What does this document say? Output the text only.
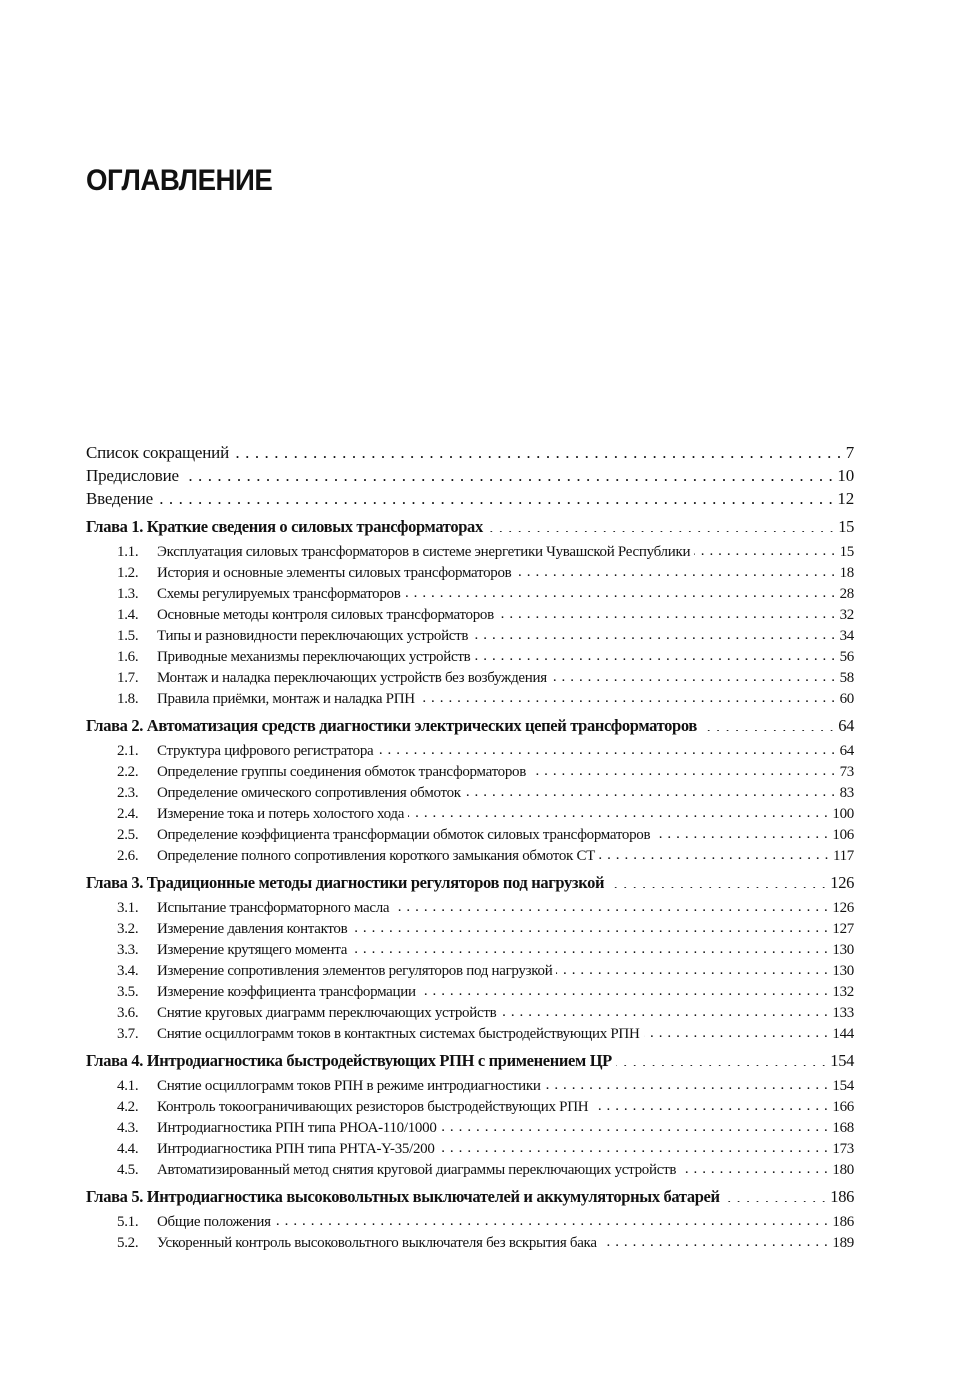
ОГЛАВЛЕНИЕ
Список сокращений . . .	7
Предисловие . . .	10
Введение . . .	12
Глава 1. Краткие сведения о силовых трансформаторах . . .	15
1.1.	Эксплуатация силовых трансформаторов в системе энергетики Чувашской Республики . . .	15
1.2.	История и основные элементы силовых трансформаторов . . .	18
1.3.	Схемы регулируемых трансформаторов . . .	28
1.4.	Основные методы контроля силовых трансформаторов . . .	32
1.5.	Типы и разновидности переключающих устройств . . .	34
1.6.	Приводные механизмы переключающих устройств . . .	56
1.7.	Монтаж и наладка переключающих устройств без возбуждения . . .	58
1.8.	Правила приёмки, монтаж и наладка РПН . . .	60
Глава 2. Автоматизация средств диагностики электрических цепей трансформаторов . . .	64
2.1.	Структура цифрового регистратора . . .	64
2.2.	Определение группы соединения обмоток трансформаторов . . .	73
2.3.	Определение омического сопротивления обмоток . . .	83
2.4.	Измерение тока и потерь холостого хода . . .	100
2.5.	Определение коэффициента трансформации обмоток силовых трансформаторов . . .	106
2.6.	Определение полного сопротивления короткого замыкания обмоток СТ . . .	117
Глава 3. Традиционные методы диагностики регуляторов под нагрузкой . . .	126
3.1.	Испытание трансформаторного масла . . .	126
3.2.	Измерение давления контактов . . .	127
3.3.	Измерение крутящего момента . . .	130
3.4.	Измерение сопротивления элементов регуляторов под нагрузкой . . .	130
3.5.	Измерение коэффициента трансформации . . .	132
3.6.	Снятие круговых диаграмм переключающих устройств . . .	133
3.7.	Снятие осциллограмм токов в контактных системах быстродействующих РПН . . .	144
Глава 4. Интродиагностика быстродействующих РПН с применением ЦР . . .	154
4.1.	Снятие осциллограмм токов РПН в режиме интродиагностики . . .	154
4.2.	Контроль токоограничивающих резисторов быстродействующих РПН . . .	166
4.3.	Интродиагностика РПН типа РНОА-110/1000 . . .	168
4.4.	Интродиагностика РПН типа РНТА-Y-35/200 . . .	173
4.5.	Автоматизированный метод снятия круговой диаграммы переключающих устройств . . .	180
Глава 5. Интродиагностика высоковольтных выключателей и аккумуляторных батарей . . .	186
5.1.	Общие положения . . .	186
5.2.	Ускоренный контроль высоковольтного выключателя без вскрытия бака . . .	189
